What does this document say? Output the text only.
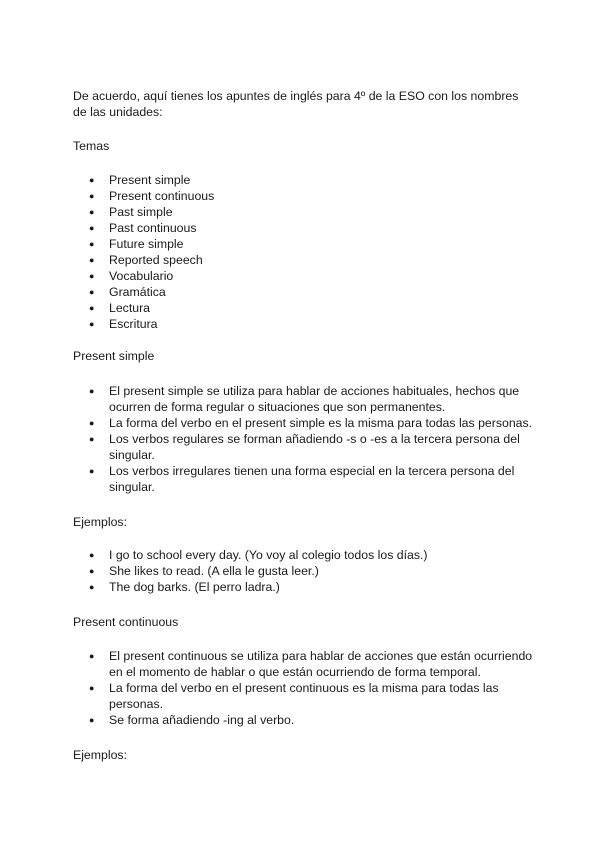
De acuerdo, aquí tienes los apuntes de inglés para 4º de la ESO con los nombres de las unidades:

Temas

● Present simple
● Present continuous
● Past simple
● Past continuous
● Future simple
● Reported speech
● Vocabulario
● Gramática
● Lectura
● Escritura

Present simple

● El present simple se utiliza para hablar de acciones habituales, hechos que ocurren de forma regular o situaciones que son permanentes.
● La forma del verbo en el present simple es la misma para todas las personas.
● Los verbos regulares se forman añadiendo -s o -es a la tercera persona del singular.
● Los verbos irregulares tienen una forma especial en la tercera persona del singular.

Ejemplos:

● I go to school every day. (Yo voy al colegio todos los días.)
● She likes to read. (A ella le gusta leer.)
● The dog barks. (El perro ladra.)

Present continuous

● El present continuous se utiliza para hablar de acciones que están ocurriendo en el momento de hablar o que están ocurriendo de forma temporal.
● La forma del verbo en el present continuous es la misma para todas las personas.
● Se forma añadiendo -ing al verbo.

Ejemplos:
